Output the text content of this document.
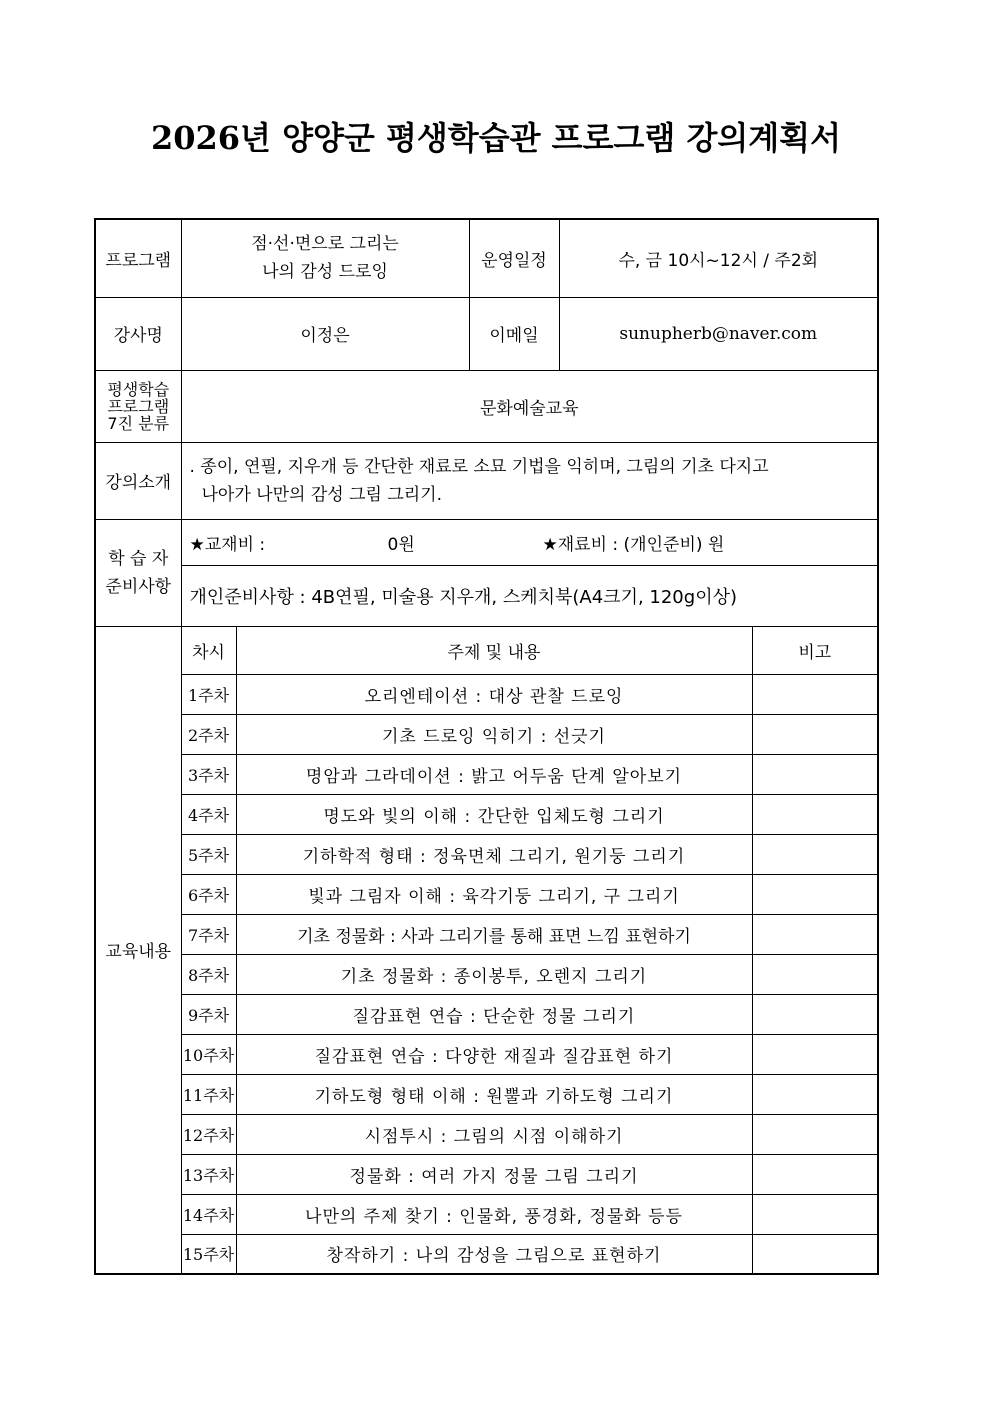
2026년 양양군 평생학습관 프로그램 강의계획서
프로그램	점·선·면으로 그리는
나의 감성 드로잉		운영일정	수, 금 10시~12시 / 주2회	
강사명	이정은		이메일	sunupherb@naver.com	

평생학습
프로그램
7진 분류	문화예술교육				
강의소개	. 종이, 연필, 지우개 등 간단한 재료로 소묘 기법을 익히며, 그림의 기초 다지고
나아가 나만의 감성 그림 그리기.				

학 습 자
준비사항	★교재비 : 0원 ★재료비 : (개인준비) 원				
	개인준비사항 : 4B연필, 미술용 지우개, 스케치북(A4크기, 120g이상)				
교육내용	차시	주제 및 내용			비고
	1주차	오리엔테이션 : 대상 관찰 드로잉			
	2주차	기초 드로잉 익히기 : 선긋기			
	3주차	명암과 그라데이션 : 밝고 어두움 단계 알아보기			
	4주차	명도와 빛의 이해 : 간단한 입체도형 그리기			
	5주차	기하학적 형태 : 정육면체 그리기, 원기둥 그리기			
	6주차	빛과 그림자 이해 : 육각기둥 그리기, 구 그리기			
	7주차	기초 정물화 : 사과 그리기를 통해 표면 느낌 표현하기			
	8주차	기초 정물화 : 종이봉투, 오렌지 그리기			
	9주차	질감표현 연습 : 단순한 정물 그리기			
	10주차	질감표현 연습 : 다양한 재질과 질감표현 하기			
	11주차	기하도형 형태 이해 : 원뿔과 기하도형 그리기			
	12주차	시점투시 : 그림의 시점 이해하기			
	13주차	정물화 : 여러 가지 정물 그림 그리기			
	14주차	나만의 주제 찾기 : 인물화, 풍경화, 정물화 등등			
	15주차	창작하기 : 나의 감성을 그림으로 표현하기			
